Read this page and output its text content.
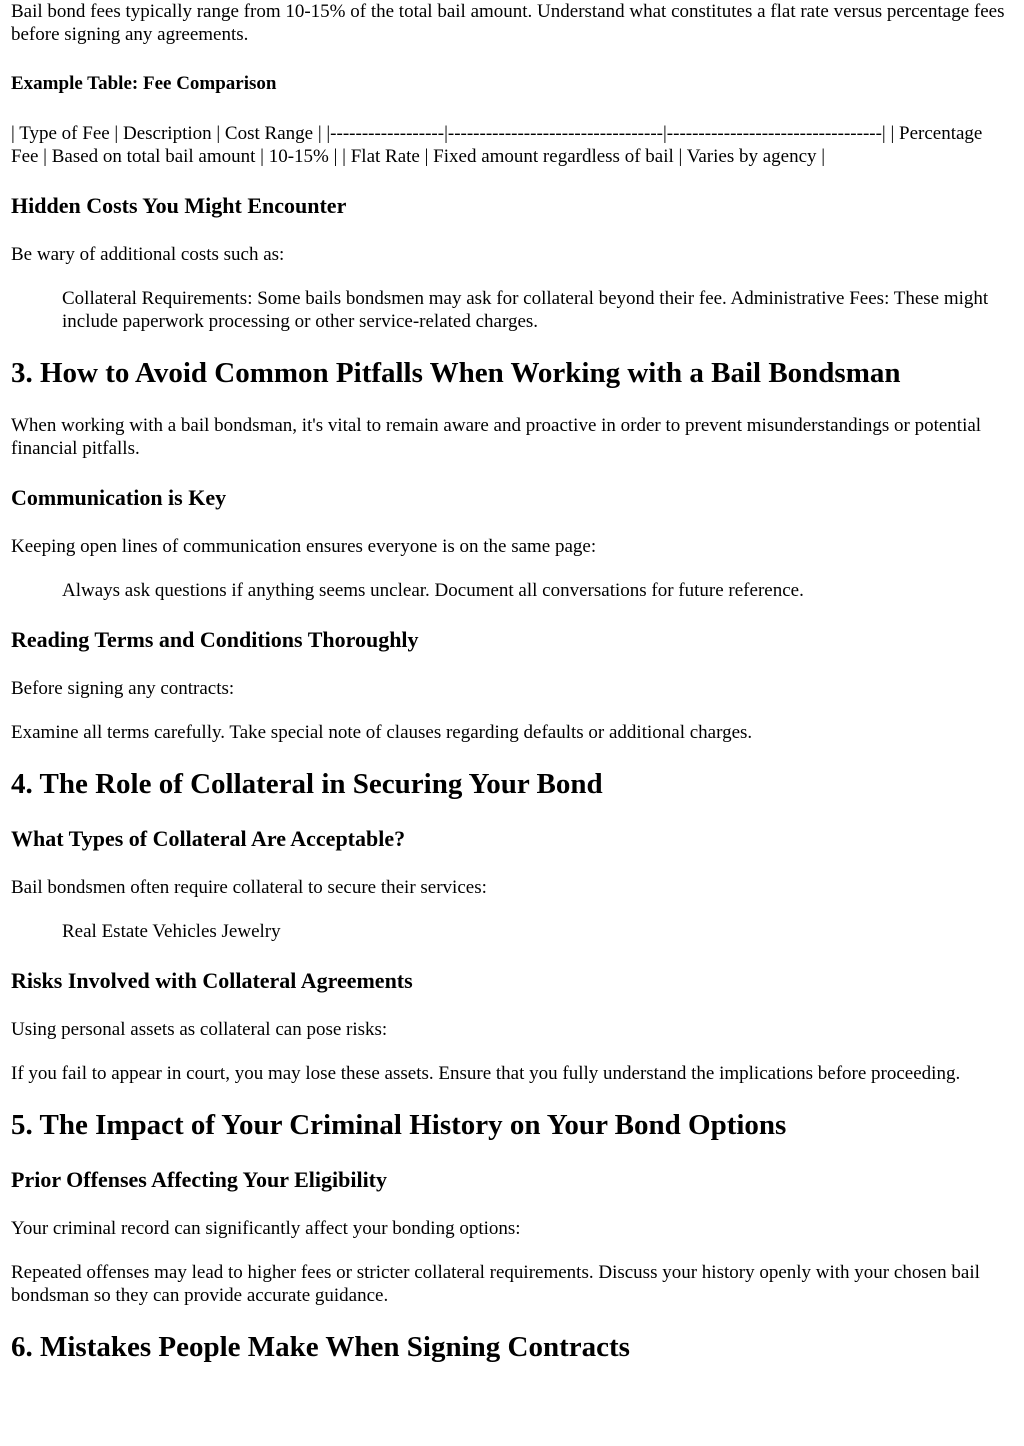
Bail bond fees typically range from 10-15% of the total bail amount. Understand what constitutes a flat rate versus percentage fees before signing any agreements.

Example Table: Fee Comparison

| Type of Fee | Description | Cost Range | |------------------|----------------------------------|----------------------------------| | Percentage Fee | Based on total bail amount | 10-15% | | Flat Rate | Fixed amount regardless of bail | Varies by agency |

Hidden Costs You Might Encounter

Be wary of additional costs such as:

Collateral Requirements: Some bails bondsmen may ask for collateral beyond their fee. Administrative Fees: These might include paperwork processing or other service-related charges.
3. How to Avoid Common Pitfalls When Working with a Bail Bondsman

When working with a bail bondsman, it's vital to remain aware and proactive in order to prevent misunderstandings or potential financial pitfalls.

Communication is Key

Keeping open lines of communication ensures everyone is on the same page:

Always ask questions if anything seems unclear. Document all conversations for future reference.
Reading Terms and Conditions Thoroughly

Before signing any contracts:

Examine all terms carefully. Take special note of clauses regarding defaults or additional charges.

4. The Role of Collateral in Securing Your Bond
What Types of Collateral Are Acceptable?

Bail bondsmen often require collateral to secure their services:

Real Estate Vehicles Jewelry
Risks Involved with Collateral Agreements

Using personal assets as collateral can pose risks:

If you fail to appear in court, you may lose these assets. Ensure that you fully understand the implications before proceeding.

5. The Impact of Your Criminal History on Your Bond Options
Prior Offenses Affecting Your Eligibility

Your criminal record can significantly affect your bonding options:

Repeated offenses may lead to higher fees or stricter collateral requirements. Discuss your history openly with your chosen bail bondsman so they can provide accurate guidance.

6. Mistakes People Make When Signing Contracts
